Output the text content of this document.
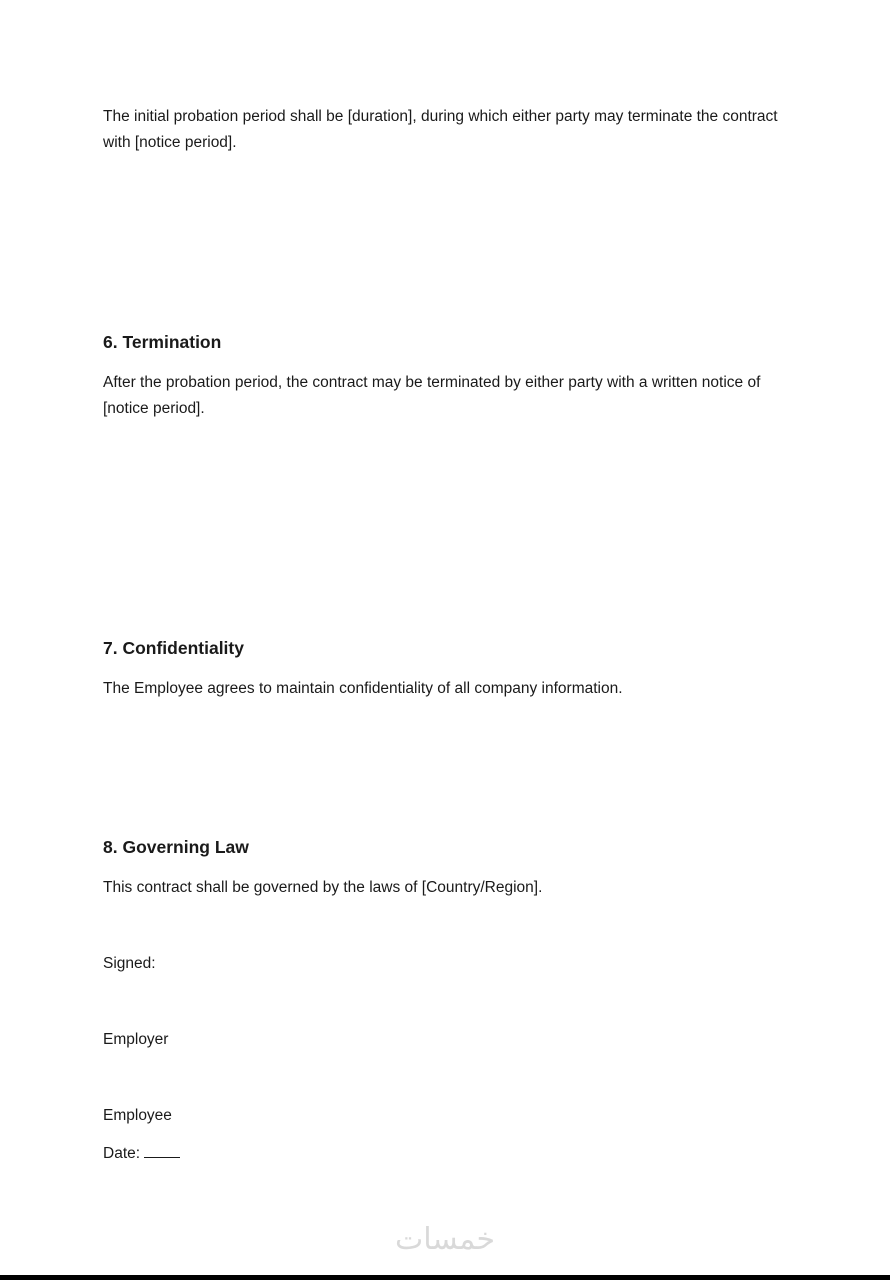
The initial probation period shall be [duration], during which either party may terminate the contract with [notice period].

6. Termination

After the probation period, the contract may be terminated by either party with a written notice of [notice period].

7. Confidentiality

The Employee agrees to maintain confidentiality of all company information.

8. Governing Law

This contract shall be governed by the laws of [Country/Region].

Signed:

Employer

Employee

Date:
خمسات
